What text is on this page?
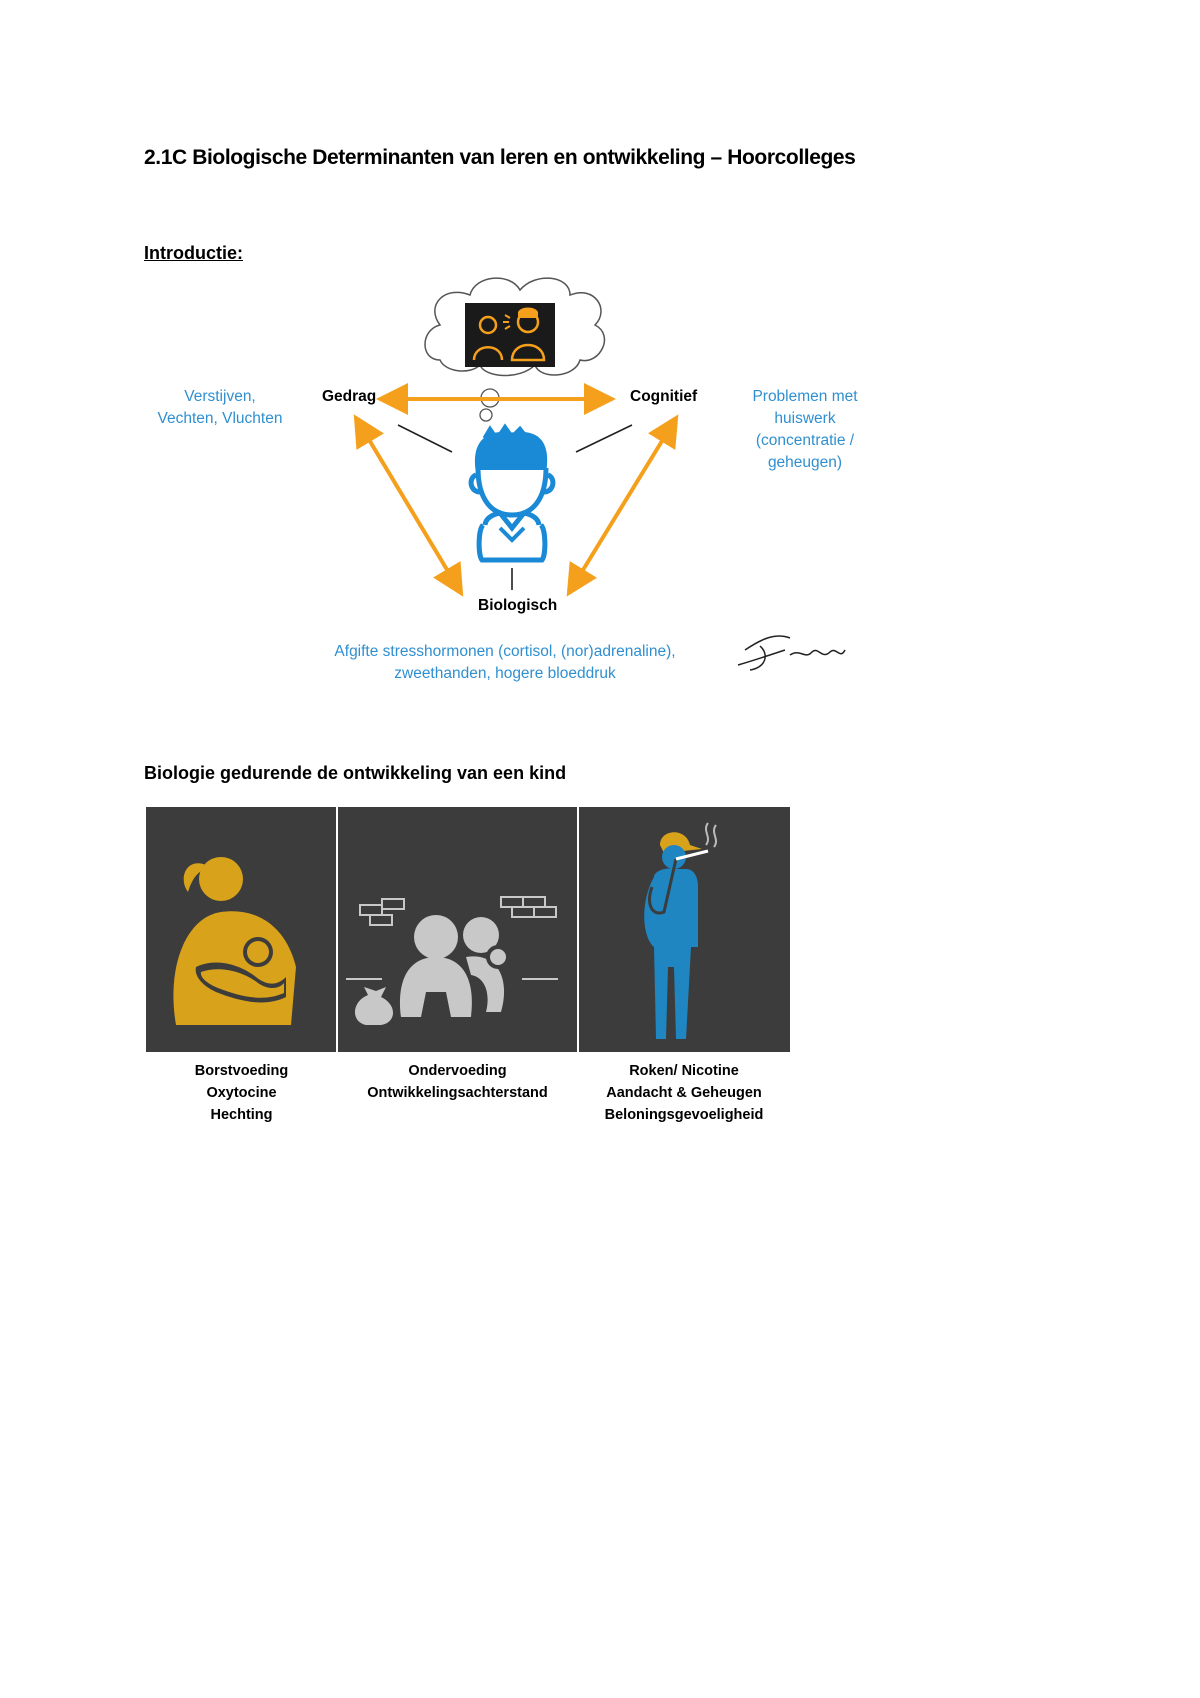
2.1C Biologische Determinanten van leren en ontwikkeling – Hoorcolleges
Introductie:
Gedrag	Cognitief
Biologisch
Verstijven,
Vechten, Vluchten
Problemen met
huiswerk
(concentratie /
geheugen)
Afgifte stresshormonen (cortisol, (nor)adrenaline),
zweethanden, hogere bloeddruk
Biologie gedurende de ontwikkeling van een kind
Borstvoeding
Oxytocine
Hechting
Ondervoeding
Ontwikkelingsachterstand
Roken/ Nicotine
Aandacht & Geheugen
Beloningsgevoeligheid
